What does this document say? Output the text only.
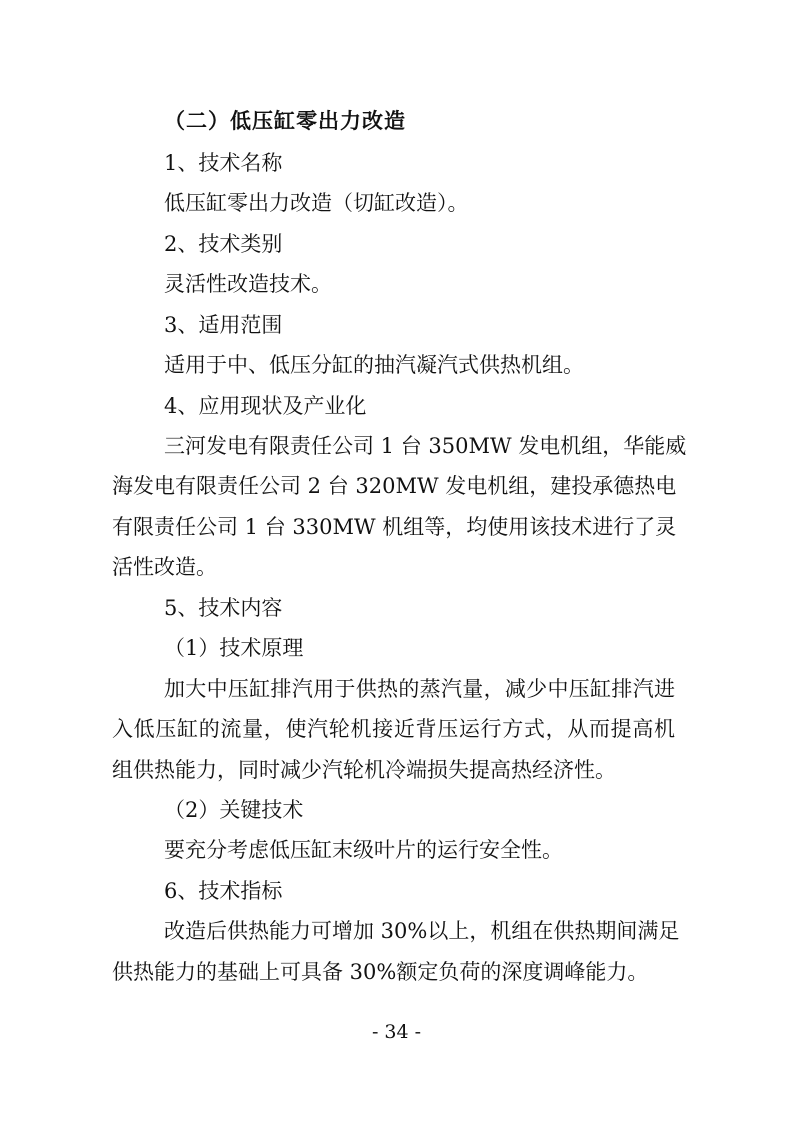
（二）低压缸零出力改造
1、技术名称
低压缸零出力改造（切缸改造）。
2、技术类别
灵活性改造技术。
3、适用范围
适用于中、低压分缸的抽汽凝汽式供热机组。
4、应用现状及产业化
三河发电有限责任公司 1 台 350MW 发电机组，华能威
海发电有限责任公司 2 台 320MW 发电机组，建投承德热电
有限责任公司 1 台 330MW 机组等，均使用该技术进行了灵
活性改造。
5、技术内容
（1）技术原理
加大中压缸排汽用于供热的蒸汽量，减少中压缸排汽进
入低压缸的流量，使汽轮机接近背压运行方式，从而提高机
组供热能力，同时减少汽轮机冷端损失提高热经济性。
（2）关键技术
要充分考虑低压缸末级叶片的运行安全性。
6、技术指标
改造后供热能力可增加 30%以上，机组在供热期间满足
供热能力的基础上可具备 30%额定负荷的深度调峰能力。
- 34 -
